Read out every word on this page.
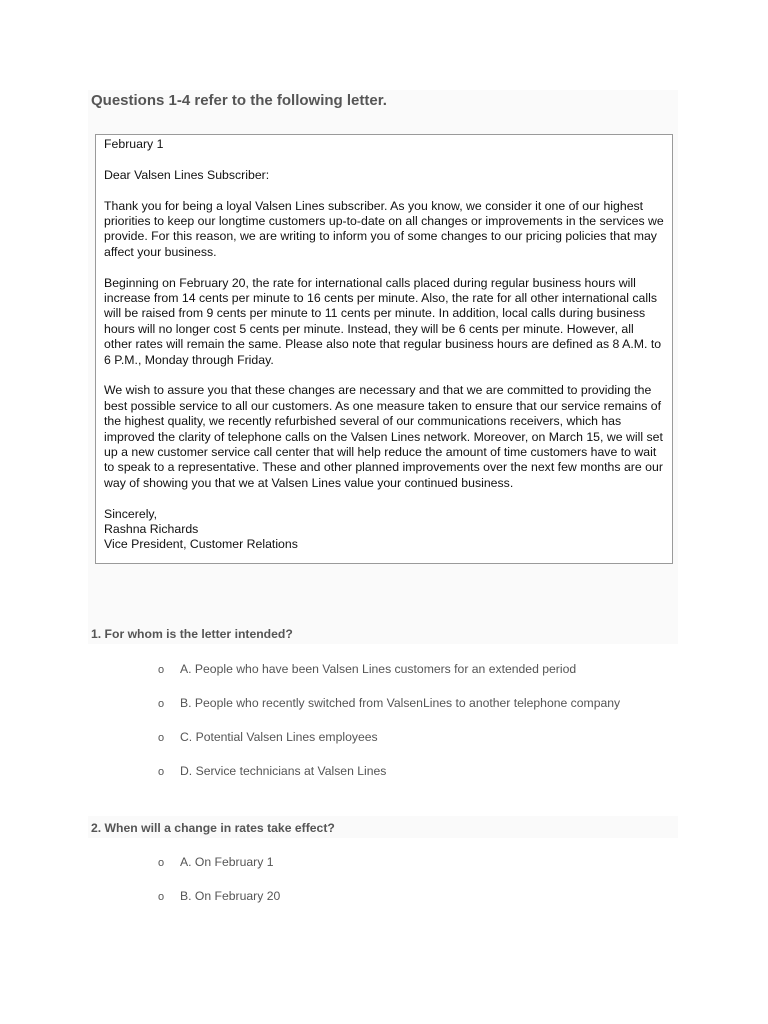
Questions 1-4 refer to the following letter.

February 1

Dear Valsen Lines Subscriber:

Thank you for being a loyal Valsen Lines subscriber. As you know, we consider it one of our highest priorities to keep our longtime customers up-to-date on all changes or improvements in the services we provide. For this reason, we are writing to inform you of some changes to our pricing policies that may affect your business.

Beginning on February 20, the rate for international calls placed during regular business hours will increase from 14 cents per minute to 16 cents per minute. Also, the rate for all other international calls will be raised from 9 cents per minute to 11 cents per minute. In addition, local calls during business hours will no longer cost 5 cents per minute. Instead, they will be 6 cents per minute. However, all other rates will remain the same. Please also note that regular business hours are defined as 8 A.M. to 6 P.M., Monday through Friday.

We wish to assure you that these changes are necessary and that we are committed to providing the best possible service to all our customers. As one measure taken to ensure that our service remains of the highest quality, we recently refurbished several of our communications receivers, which has improved the clarity of telephone calls on the Valsen Lines network. Moreover, on March 15, we will set up a new customer service call center that will help reduce the amount of time customers have to wait to speak to a representative. These and other planned improvements over the next few months are our way of showing you that we at Valsen Lines value your continued business.

Sincerely,

Rashna Richards

Vice President, Customer Relations

1. For whom is the letter intended?

o	A. People who have been Valsen Lines customers for an extended period
o	B. People who recently switched from ValsenLines to another telephone company
o	C. Potential Valsen Lines employees
o	D. Service technicians at Valsen Lines

2. When will a change in rates take effect?

o	A. On February 1
o	B. On February 20
